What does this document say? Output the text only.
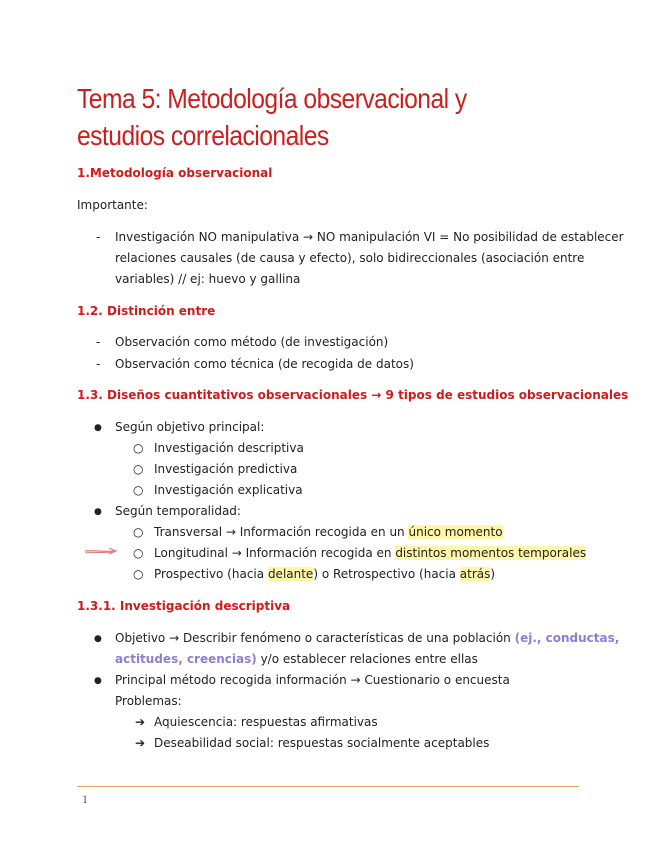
Tema 5: Metodología observacional y estudios correlacionales

1.Metodología observacional

Importante:

- Investigación NO manipulativa → NO manipulación VI = No posibilidad de establecer
relaciones causales (de causa y efecto), solo bidireccionales (asociación entre
variables) // ej: huevo y gallina

1.2. Distinción entre

- Observación como método (de investigación)
- Observación como técnica (de recogida de datos)

1.3. Diseños cuantitativos observacionales → 9 tipos de estudios observacionales

● Según objetivo principal:
○ Investigación descriptiva
○ Investigación predictiva
○ Investigación explicativa
● Según temporalidad:
○ Transversal → Información recogida en un único momento
○ Longitudinal → Información recogida en distintos momentos temporales
○ Prospectivo (hacia delante) o Retrospectivo (hacia atrás)

1.3.1. Investigación descriptiva

● Objetivo → Describir fenómeno o características de una población (ej., conductas,
actitudes, creencias) y/o establecer relaciones entre ellas
● Principal método recogida información → Cuestionario o encuesta
Problemas:
➔ Aquiescencia: respuestas afirmativas
➔ Deseabilidad social: respuestas socialmente aceptables
1
